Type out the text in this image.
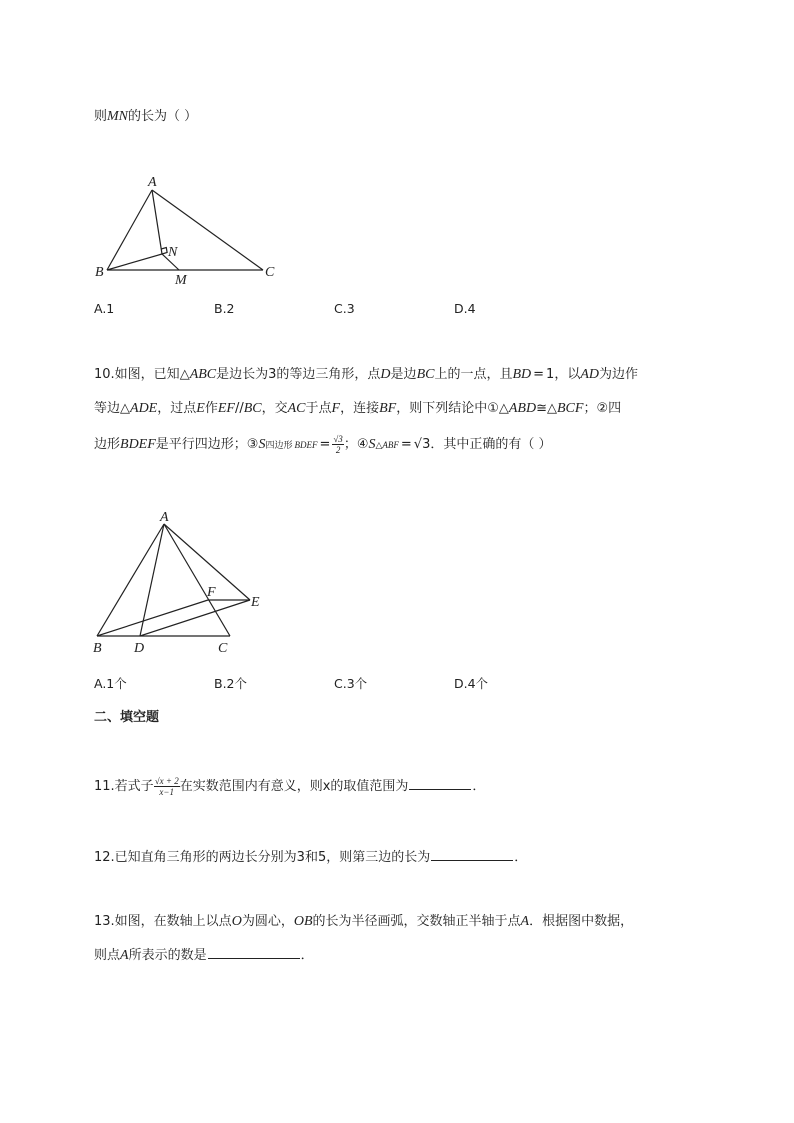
则MN的长为（ ）
A
B	C
N
M
A.1	B.2	C.3	D.4
10.如图，已知△ABC是边长为3的等边三角形，点D是边BC上的一点，且BD = 1，以AD为边作
等边△ADE，过点E作EF//BC，交AC于点F，连接BF，则下列结论中①△ABD≅△BCF；②四
边形BDEF是平行四边形；③S四边形 BDEF = $\frac{√3}{2}$ ；④S△ABF = √3．其中正确的有（ ）
A
B D	C
F
E
A.1个	B.2个	C.3个	D.4个
二、填空题
11.若式子 $\frac{√x + 2}{x-1}$ 在实数范围内有意义，则x的取值范围为	．
12.已知直角三角形的两边长分别为3和5，则第三边的长为	．
13.如图，在数轴上以点O为圆心，OB的长为半径画弧，交数轴正半轴于点A．根据图中数据，
则点A所表示的数是	．
